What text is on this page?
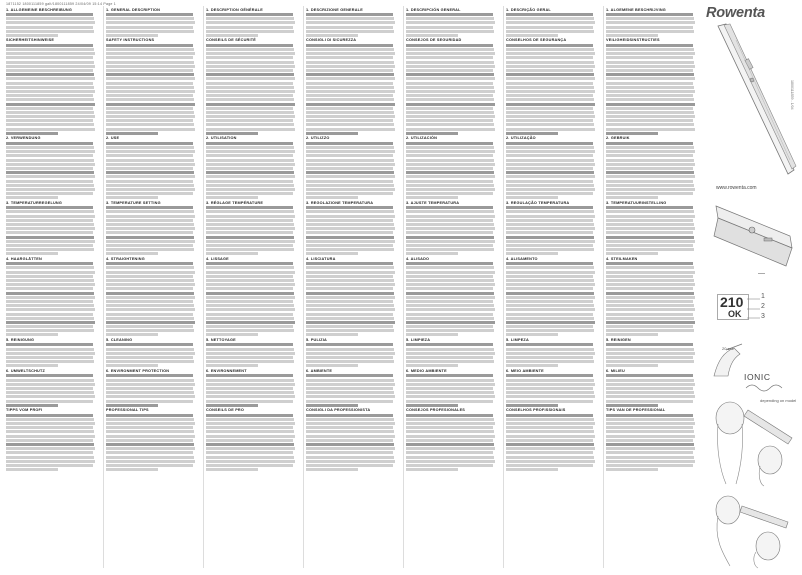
1871152 1800111859 galt/1800111859 24/04/09 15:14 Page 1
1. ALLGEMEINE BESCHREIBUNG
SICHERHEITSHINWEISE
2. VERWENDUNG
3. TEMPERATURREGELUNG
4. HAARGLÄTTEN
5. REINIGUNG
6. UMWELTSCHUTZ
TIPPS VOM PROFI
1. GENERAL DESCRIPTION
SAFETY INSTRUCTIONS
2. USE
3. TEMPERATURE SETTING
4. STRAIGHTENING
5. CLEANING
6. ENVIRONMENT PROTECTION
PROFESSIONAL TIPS
1. DESCRIPTION GÉNÉRALE
CONSEILS DE SÉCURITÉ
2. UTILISATION
3. RÉGLAGE TEMPÉRATURE
4. LISSAGE
5. NETTOYAGE
6. ENVIRONNEMENT
CONSEILS DE PRO
1. DESCRIZIONE GENERALE
CONSIGLI DI SICUREZZA
2. UTILIZZO
3. REGOLAZIONE TEMPERATURA
4. LISCIATURA
5. PULIZIA
6. AMBIENTE
CONSIGLI DA PROFESSIONISTA
1. DESCRIPCIÓN GENERAL
CONSEJOS DE SEGURIDAD
2. UTILIZACIÓN
3. AJUSTE TEMPERATURA
4. ALISADO
5. LIMPIEZA
6. MEDIO AMBIENTE
CONSEJOS PROFESIONALES
1. DESCRIÇÃO GERAL
CONSELHOS DE SEGURANÇA
2. UTILIZAÇÃO
3. REGULAÇÃO TEMPERATURA
4. ALISAMENTO
5. LIMPEZA
6. MEIO AMBIENTE
CONSELHOS PROFISSIONAIS
1. ALGEMENE BESCHRIJVING
VEILIGHEIDSINSTRUCTIES
2. GEBRUIK
3. TEMPERATUURINSTELLING
4. STEILMAKEN
5. REINIGEN
6. MILIEU
TIPS VAN DE PROFESSIONAL
Rowenta
1800111859 - 1/04
www.rowenta.com
—
210
OK
1
2
3
20 sec
IONIC
depending on model
